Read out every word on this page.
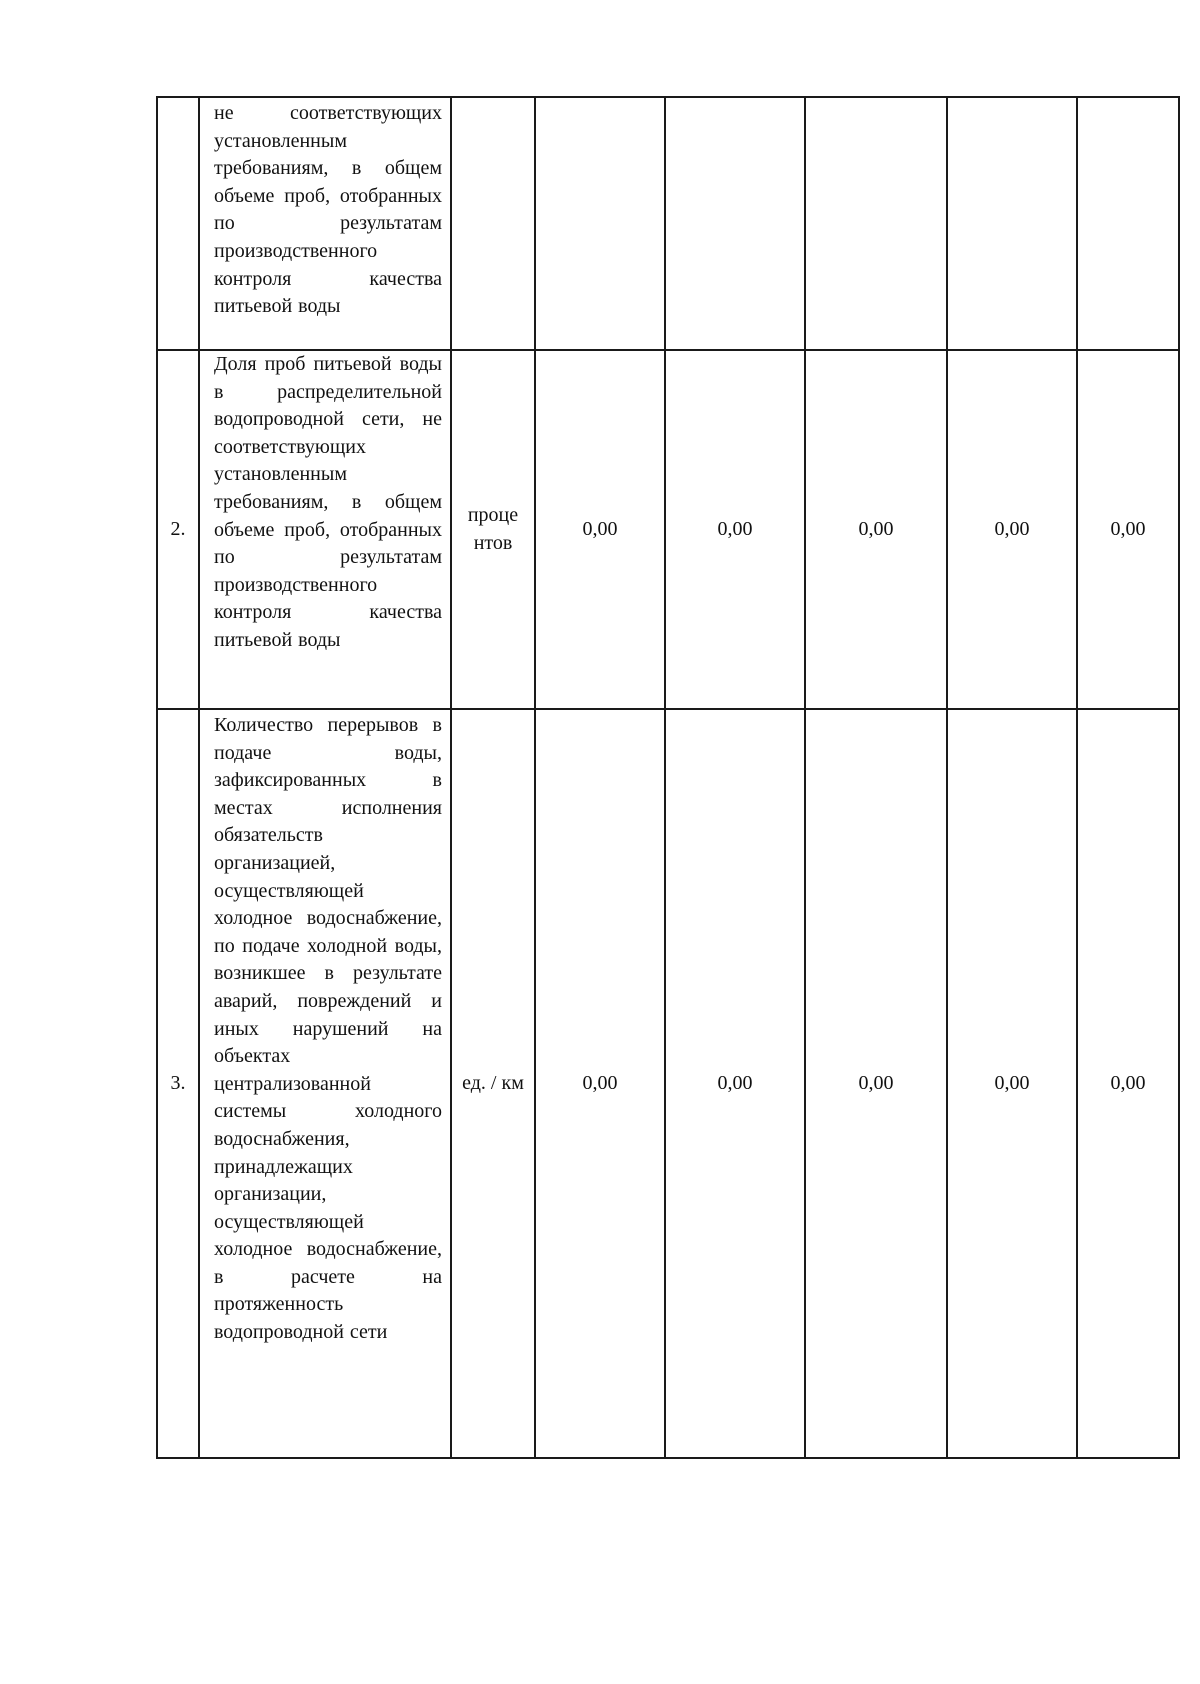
	не соответствующих установленным требованиям, в общем объеме проб, отобранных по результатам производственного контроля качества питьевой воды						

2.	Доля проб питьевой воды в распределительной водопроводной сети, не соответствующих установленным требованиям, в общем объеме проб, отобранных по результатам производственного контроля качества питьевой воды	проце нтов	0,00	0,00	0,00	0,00	0,00
3.	Количество перерывов в подаче воды, зафиксированных в местах исполнения обязательств организацией, осуществляющей холодное водоснабжение, по подаче холодной воды, возникшее в результате аварий, повреждений и иных нарушений на объектах централизованной системы холодного водоснабжения, принадлежащих организации, осуществляющей холодное водоснабжение, в расчете на протяженность водопроводной сети	ед. / км	0,00	0,00	0,00	0,00	0,00
